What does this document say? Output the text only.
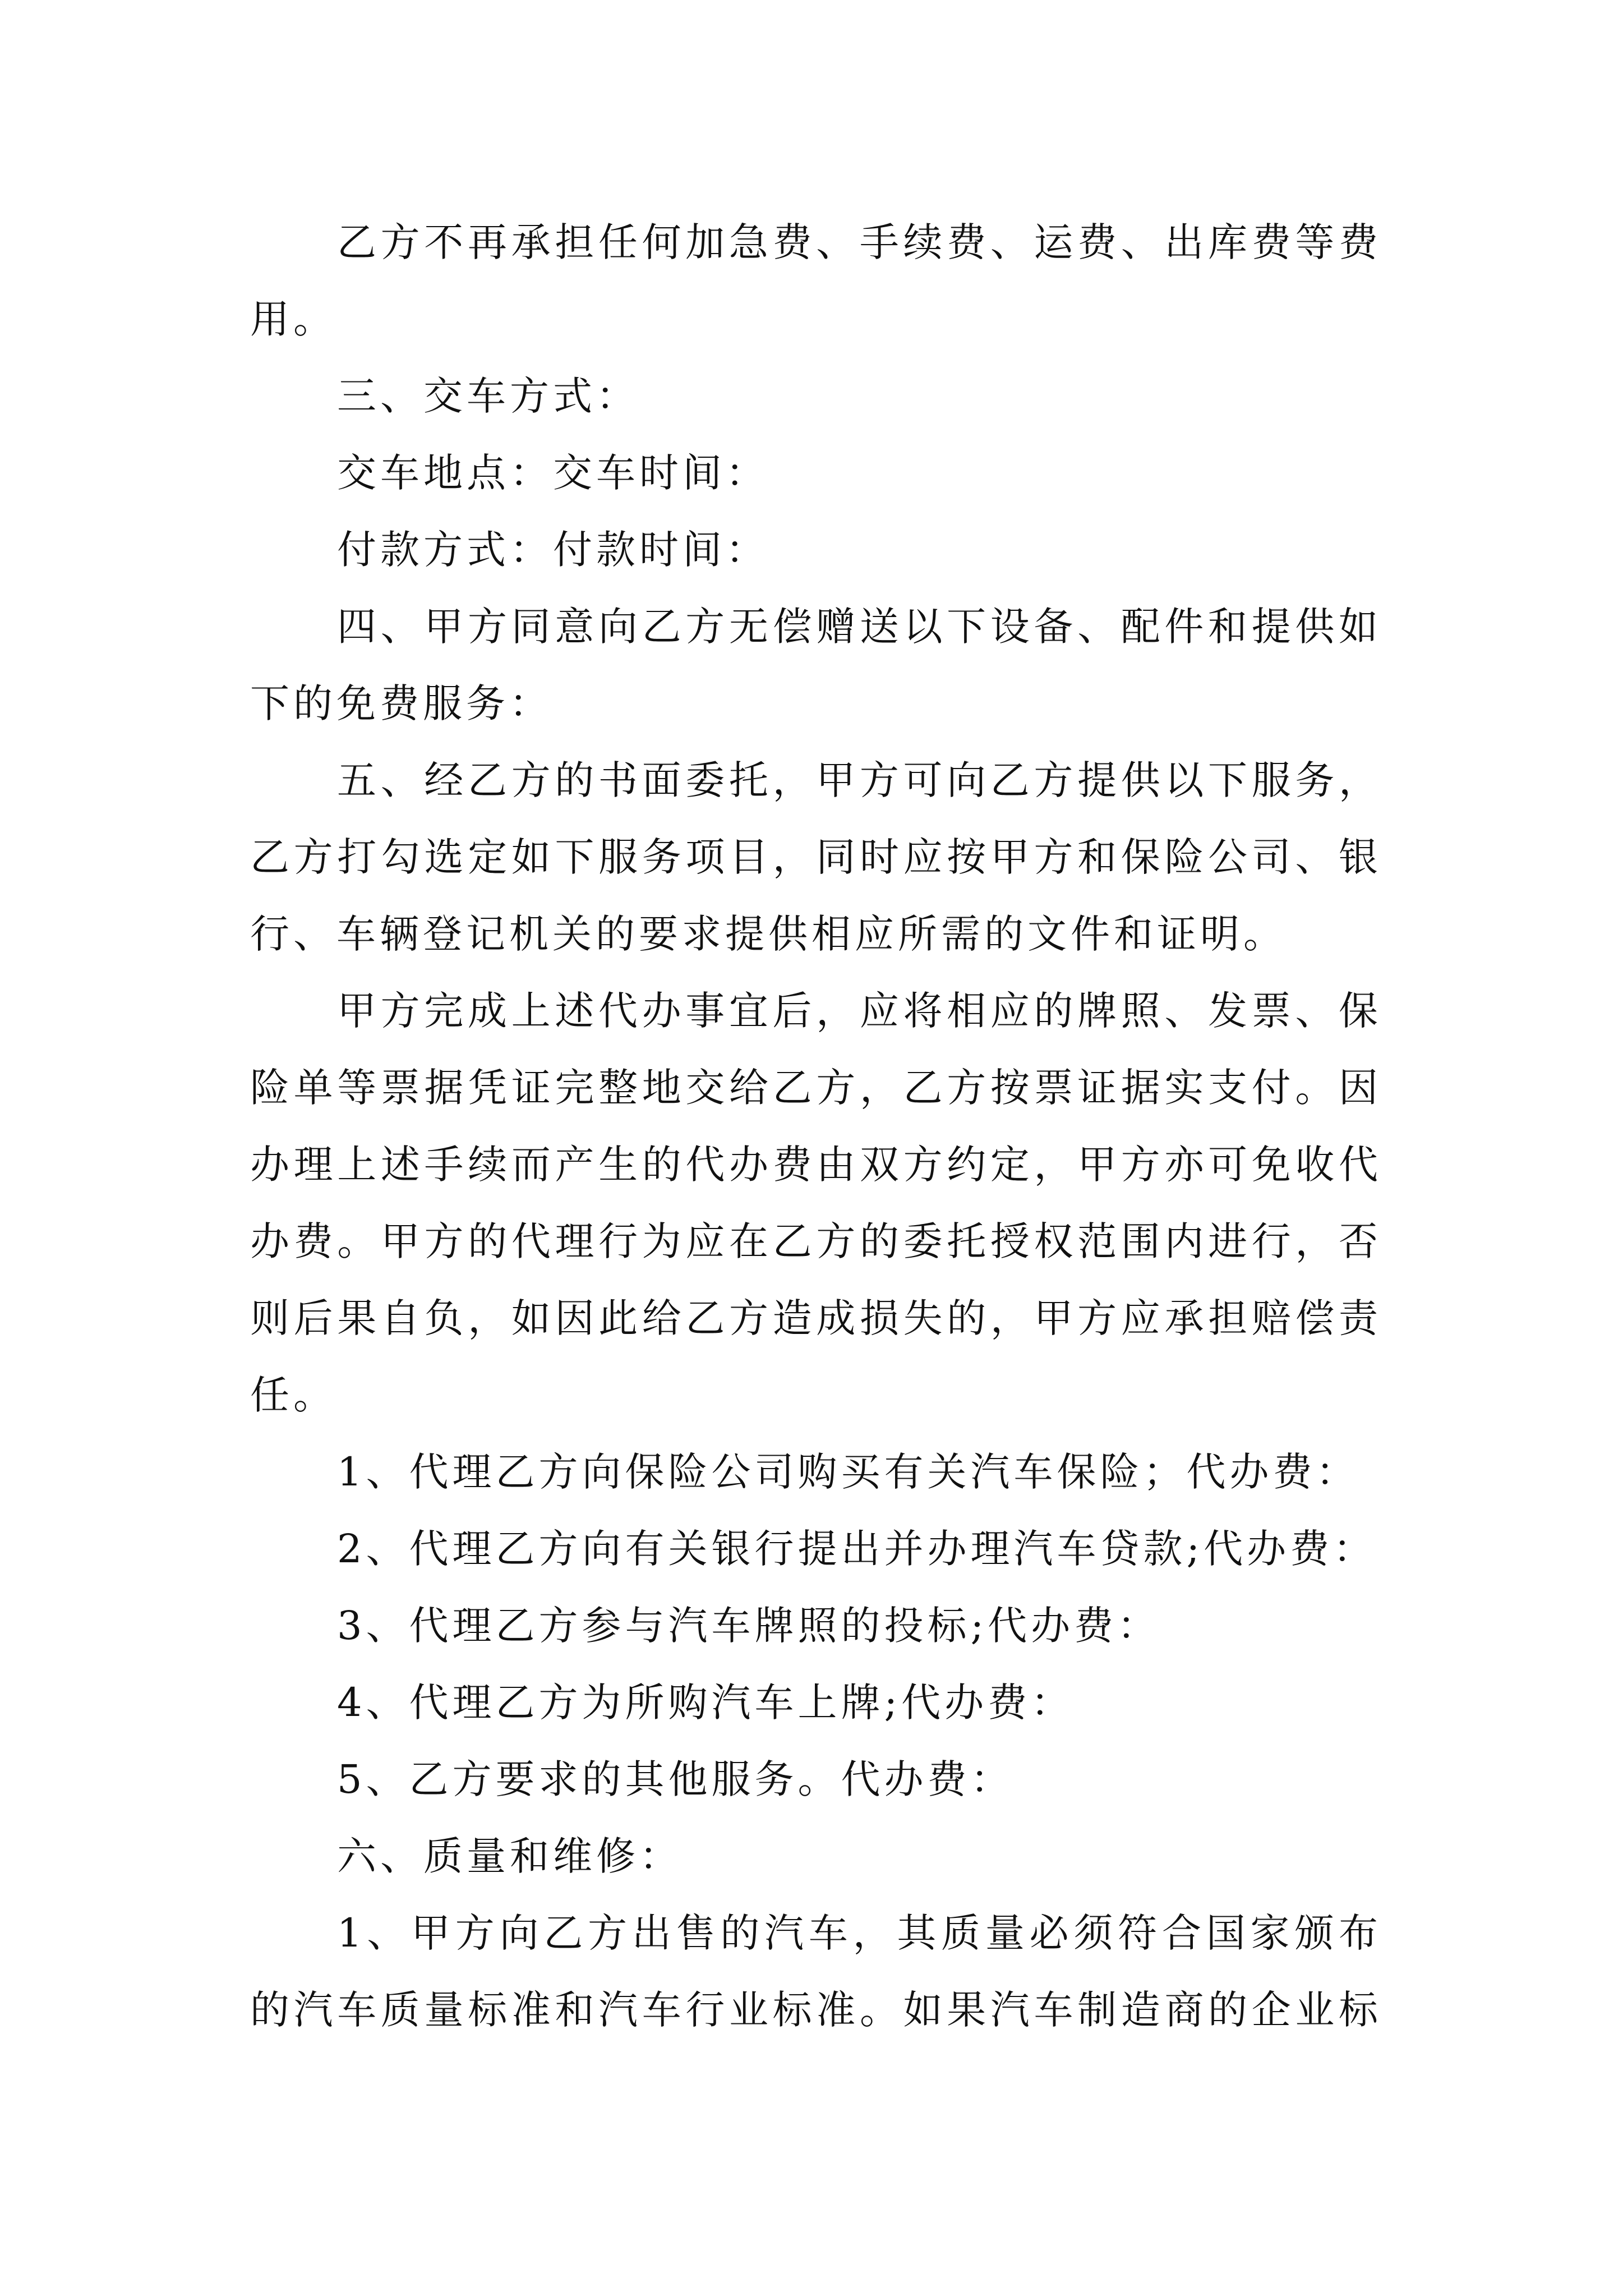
乙方不再承担任何加急费、手续费、运费、出库费等费
用。
三、交车方式：
交车地点：交车时间：
付款方式：付款时间：
四、甲方同意向乙方无偿赠送以下设备、配件和提供如
下的免费服务：
五、经乙方的书面委托，甲方可向乙方提供以下服务，
乙方打勾选定如下服务项目，同时应按甲方和保险公司、银
行、车辆登记机关的要求提供相应所需的文件和证明。
甲方完成上述代办事宜后，应将相应的牌照、发票、保
险单等票据凭证完整地交给乙方，乙方按票证据实支付。因
办理上述手续而产生的代办费由双方约定，甲方亦可免收代
办费。甲方的代理行为应在乙方的委托授权范围内进行，否
则后果自负，如因此给乙方造成损失的，甲方应承担赔偿责
任。
1、代理乙方向保险公司购买有关汽车保险；代办费：
2、代理乙方向有关银行提出并办理汽车贷款;代办费：
3、代理乙方参与汽车牌照的投标;代办费：
4、代理乙方为所购汽车上牌;代办费：
5、乙方要求的其他服务。代办费：
六、质量和维修：
1、甲方向乙方出售的汽车，其质量必须符合国家颁布
的汽车质量标准和汽车行业标准。如果汽车制造商的企业标
